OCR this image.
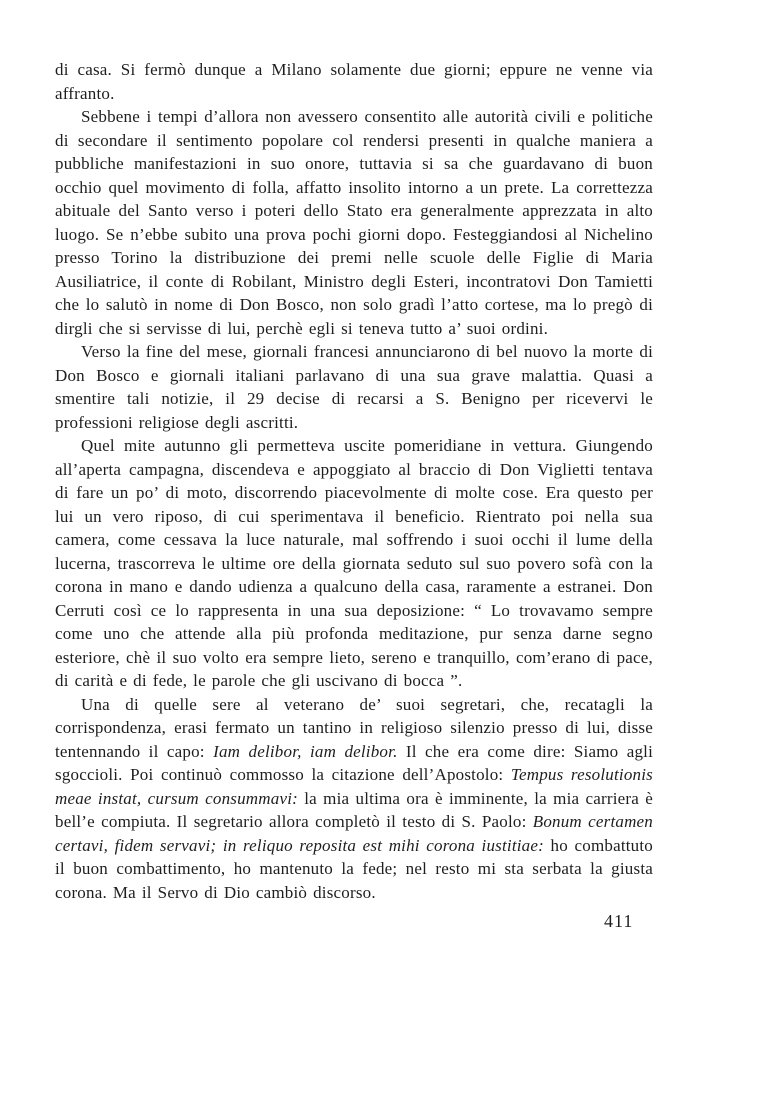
di casa. Si fermò dunque a Milano solamente due giorni; eppure ne venne via affranto.

Sebbene i tempi d’allora non avessero consentito alle autorità civili e politiche di secondare il sentimento popolare col rendersi presenti in qualche maniera a pubbliche manifestazioni in suo onore, tuttavia si sa che guardavano di buon occhio quel movimento di folla, affatto insolito intorno a un prete. La correttezza abituale del Santo verso i poteri dello Stato era generalmente apprezzata in alto luogo. Se n’ebbe subito una prova pochi giorni dopo. Festeggiandosi al Nichelino presso Torino la distribuzione dei premi nelle scuole delle Figlie di Maria Ausiliatrice, il conte di Robilant, Ministro degli Esteri, incontratovi Don Tamietti che lo salutò in nome di Don Bosco, non solo gradì l’atto cortese, ma lo pregò di dirgli che si servisse di lui, perchè egli si teneva tutto a’ suoi ordini.

Verso la fine del mese, giornali francesi annunciarono di bel nuovo la morte di Don Bosco e giornali italiani parlavano di una sua grave malattia. Quasi a smentire tali notizie, il 29 decise di recarsi a S. Benigno per ricevervi le professioni religiose degli ascritti.

Quel mite autunno gli permetteva uscite pomeridiane in vettura. Giungendo all’aperta campagna, discendeva e appoggiato al braccio di Don Viglietti tentava di fare un po’ di moto, discorrendo piacevolmente di molte cose. Era questo per lui un vero riposo, di cui sperimentava il beneficio. Rientrato poi nella sua camera, come cessava la luce naturale, mal soffrendo i suoi occhi il lume della lucerna, trascorreva le ultime ore della giornata seduto sul suo povero sofà con la corona in mano e dando udienza a qualcuno della casa, raramente a estranei. Don Cerruti così ce lo rappresenta in una sua deposizione: “ Lo trovavamo sempre come uno che attende alla più profonda meditazione, pur senza darne segno esteriore, chè il suo volto era sempre lieto, sereno e tranquillo, com’erano di pace, di carità e di fede, le parole che gli uscivano di bocca ”.

Una di quelle sere al veterano de’ suoi segretari, che, recatagli la corrispondenza, erasi fermato un tantino in religioso silenzio presso di lui, disse tentennando il capo: Iam delibor, iam delibor. Il che era come dire: Siamo agli sgoccioli. Poi continuò commosso la citazione dell’Apostolo: Tempus resolutionis meae instat, cursum consummavi: la mia ultima ora è imminente, la mia carriera è bell’e compiuta. Il segretario allora completò il testo di S. Paolo: Bonum certamen certavi, fidem servavi; in reliquo reposita est mihi corona iustitiae: ho combattuto il buon combattimento, ho mantenuto la fede; nel resto mi sta serbata la giusta corona. Ma il Servo di Dio cambiò discorso.

411
